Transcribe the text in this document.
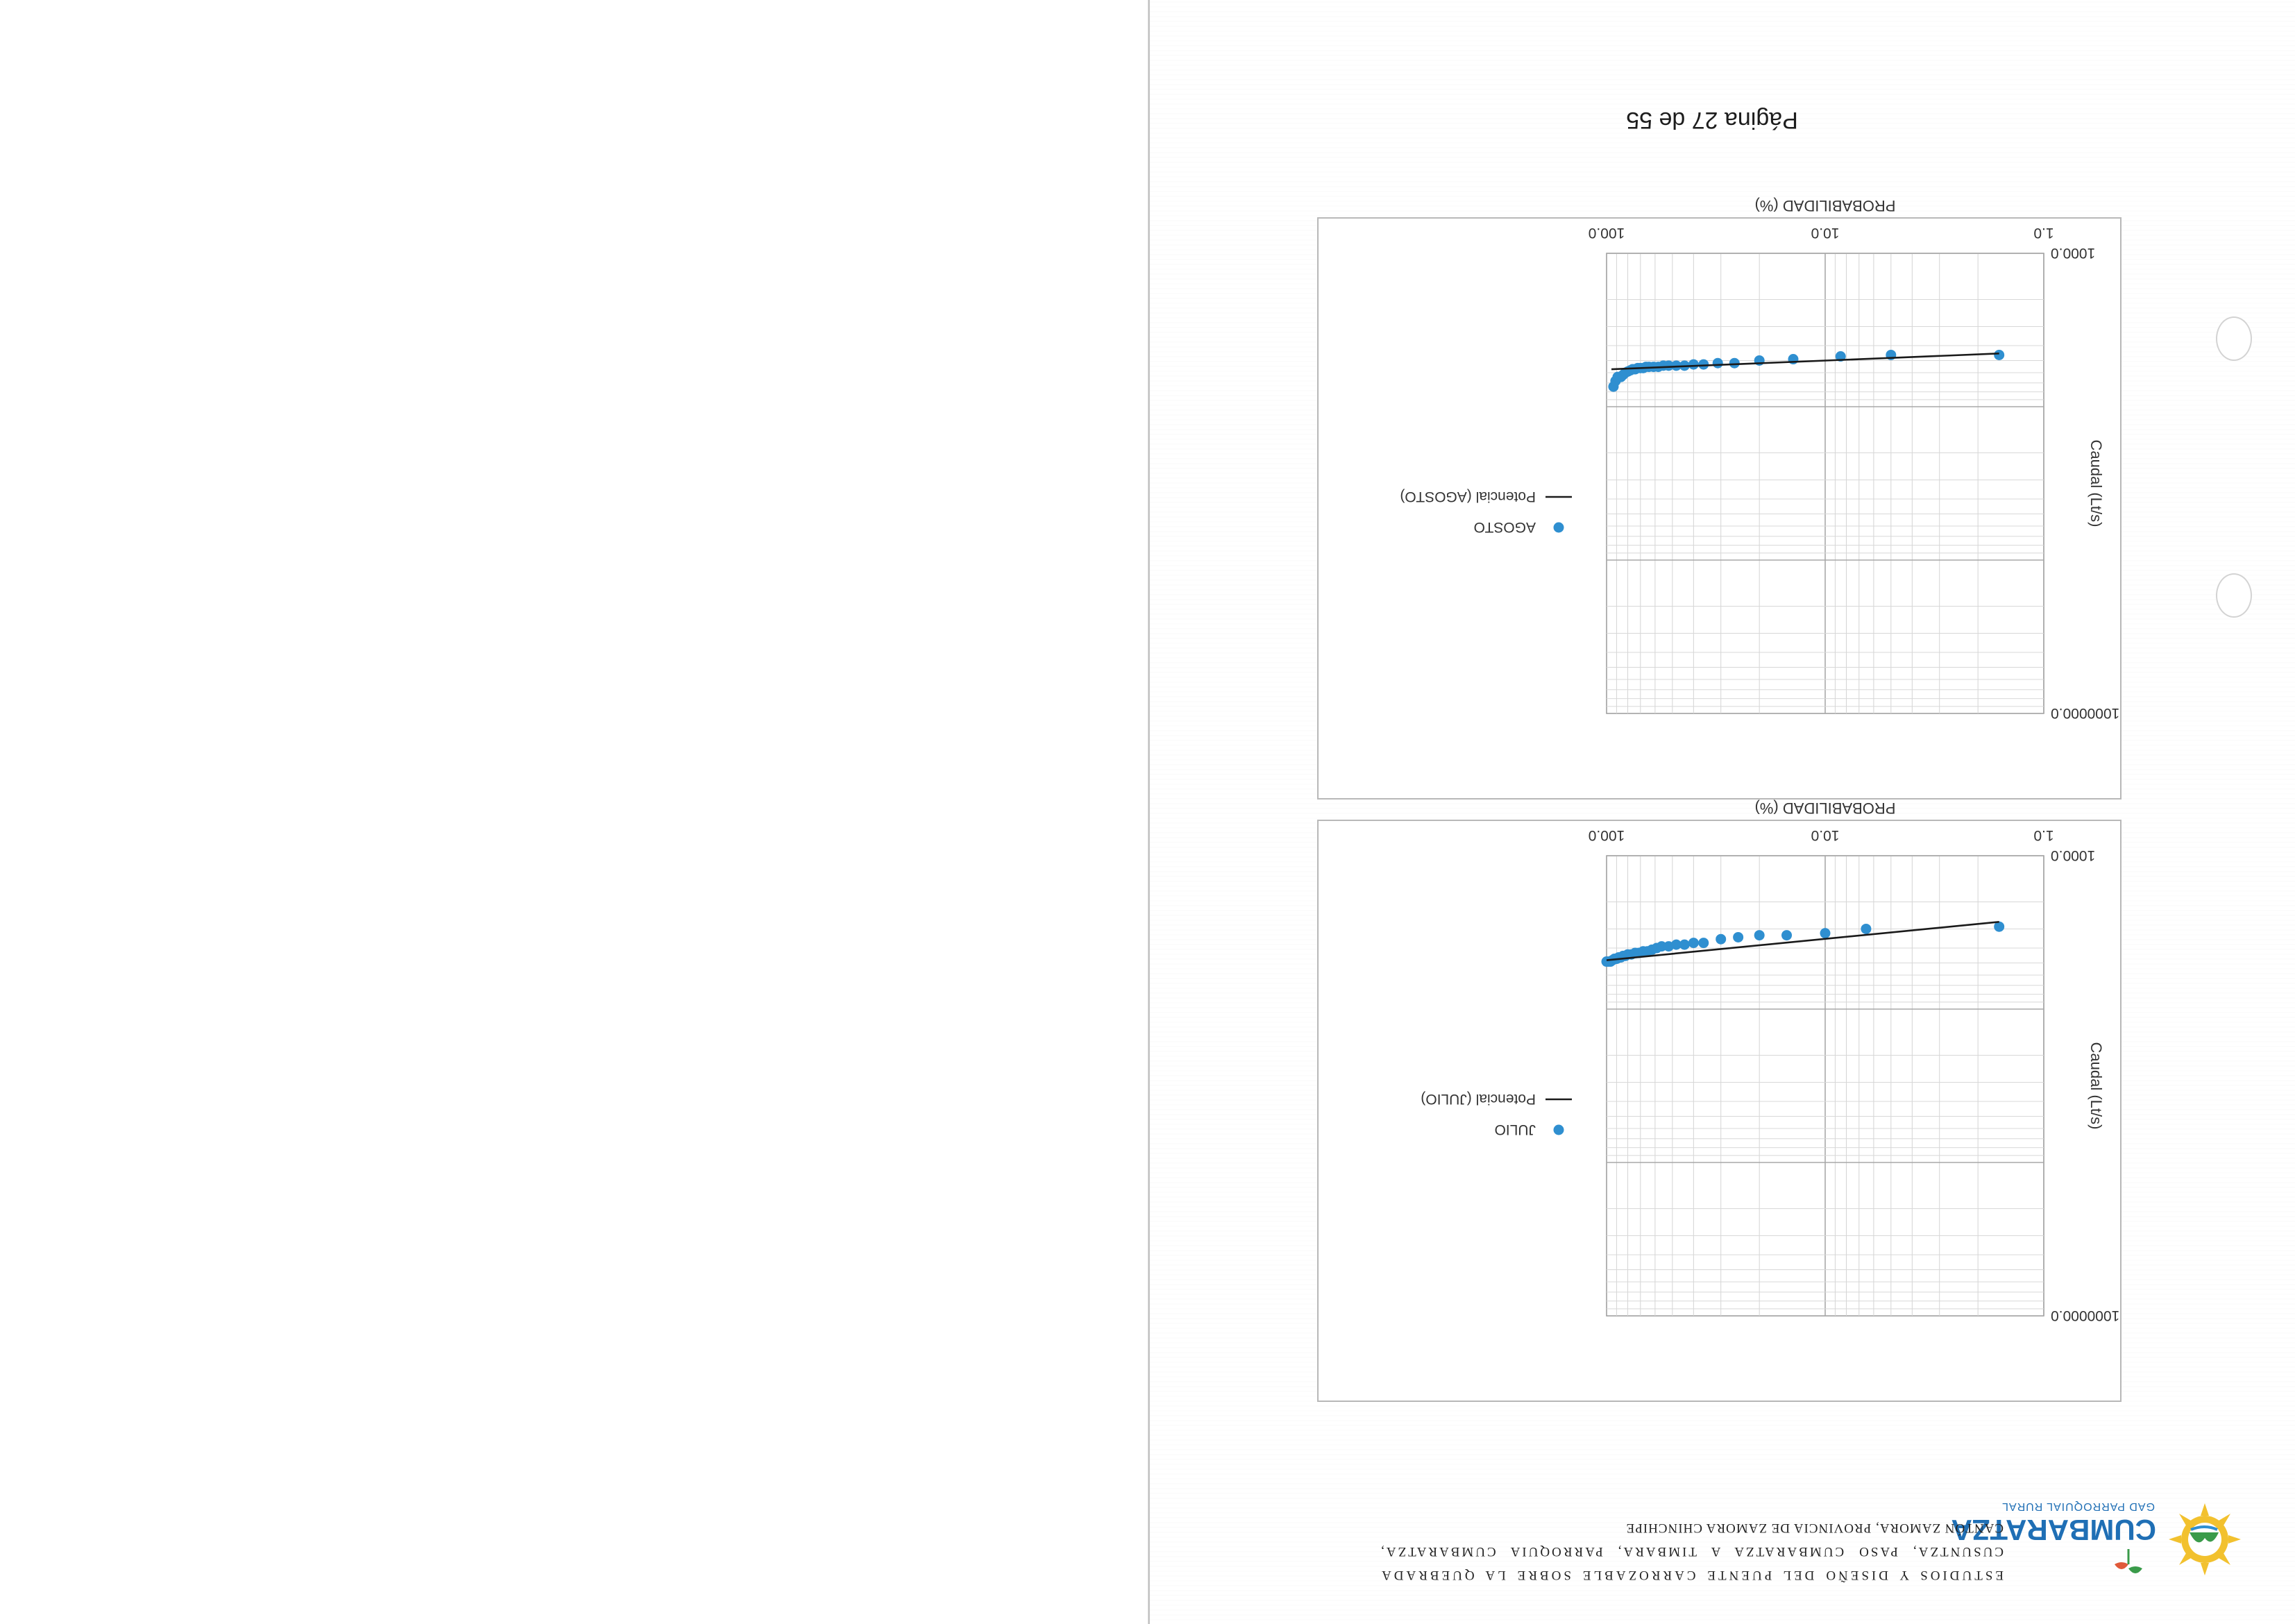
CUMBARATZA
GAD PARROQUIAL RURAL
ESTUDIOS Y DISEÑO DEL PUENTE CARROZABLE SOBRE LA QUEBRADA
CUSUNTZA, PASO CUMBARATZA A TIMBARA, PARROQUIA CUMBARATZA,
CANTÓN ZAMORA, PROVINCIA DE ZAMORA CHINCHIPE
1.0
10.0
100.0
1000.0
1000000.0
PROBABILIDAD (%)
Caudal (Lt/s)
JULIO
Potencial (JULIO)
1.0
10.0
100.0
1000.0
1000000.0
PROBABILIDAD (%)
Caudal (Lt/s)
AGOSTO
Potencial (AGOSTO)
Página 27 de 55
